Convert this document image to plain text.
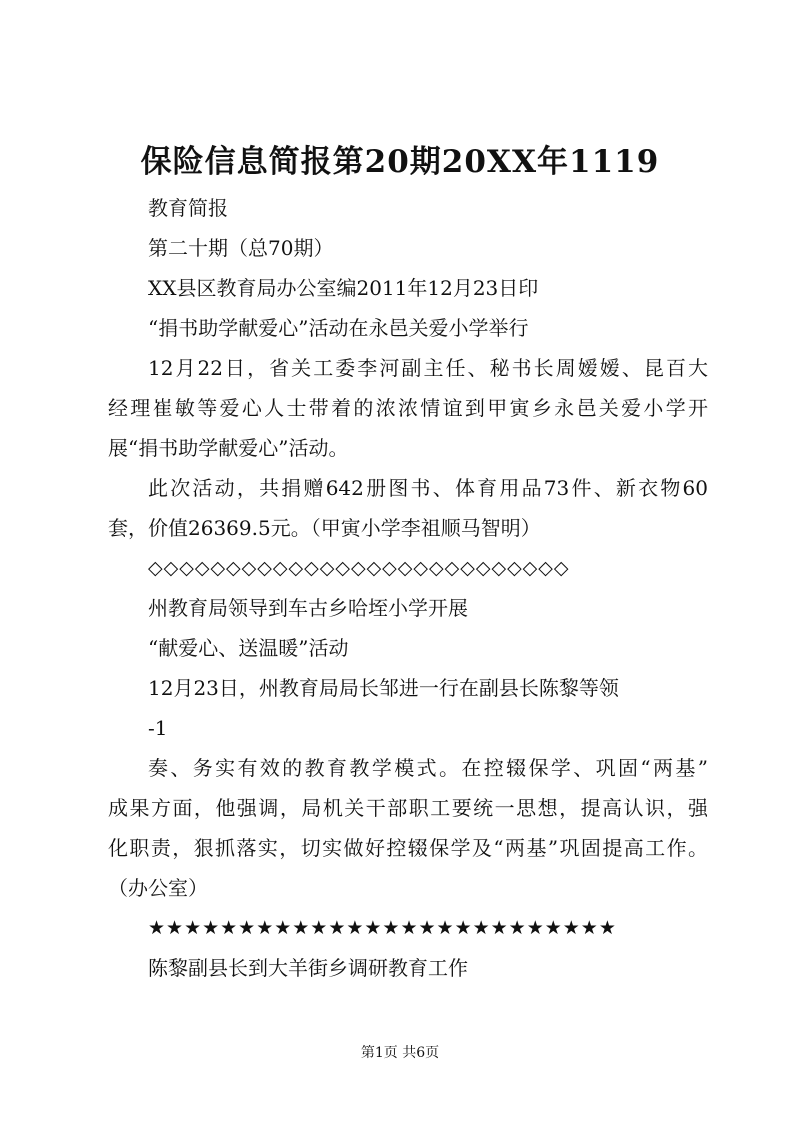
保险信息简报第20期20XX年1119
教育简报
第二十期（总70期）
XX县区教育局办公室编2011年12月23日印
“捐书助学献爱心”活动在永邑关爱小学举行
12月22日，省关工委李河副主任、秘书长周嫒嫒、昆百大
经理崔敏等爱心人士带着的浓浓情谊到甲寅乡永邑关爱小学开
展“捐书助学献爱心”活动。
此次活动，共捐赠642册图书、体育用品73件、新衣物60
套，价值26369.5元。（甲寅小学李祖顺马智明）
◇◇◇◇◇◇◇◇◇◇◇◇◇◇◇◇◇◇◇◇◇◇◇◇◇◇◇
州教育局领导到车古乡哈垤小学开展
“献爱心、送温暖”活动
12月23日，州教育局局长邹进一行在副县长陈黎等领
-1
奏、务实有效的教育教学模式。在控辍保学、巩固“两基”
成果方面，他强调，局机关干部职工要统一思想，提高认识，强
化职责，狠抓落实，切实做好控辍保学及“两基”巩固提高工作。
（办公室）
★★★★★★★★★★★★★★★★★★★★★★★★★★
陈黎副县长到大羊街乡调研教育工作
第1页 共6页
